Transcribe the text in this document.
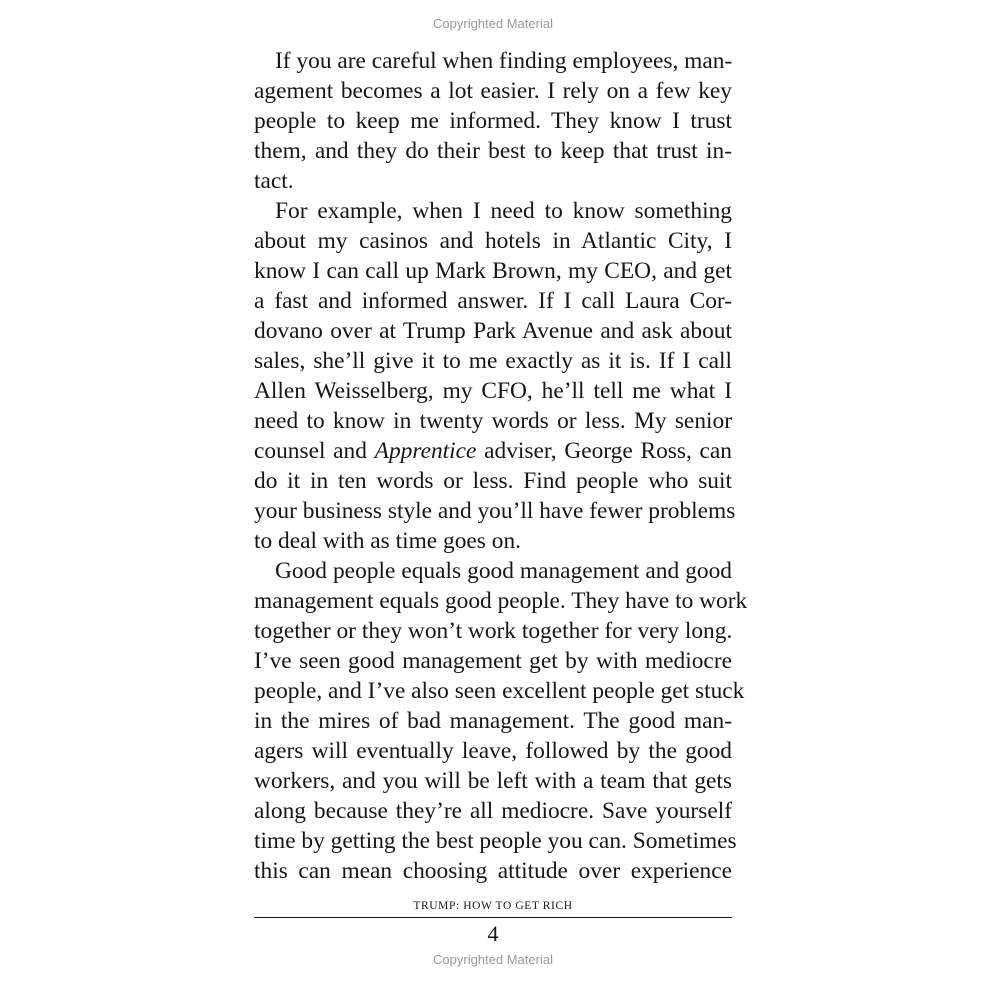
Copyrighted Material

If you are careful when finding employees, man-
agement becomes a lot easier. I rely on a few key
people to keep me informed. They know I trust
them, and they do their best to keep that trust in-
tact.

For example, when I need to know something
about my casinos and hotels in Atlantic City, I
know I can call up Mark Brown, my CEO, and get
a fast and informed answer. If I call Laura Cor-
dovano over at Trump Park Avenue and ask about
sales, she’ll give it to me exactly as it is. If I call
Allen Weisselberg, my CFO, he’ll tell me what I
need to know in twenty words or less. My senior
counsel and Apprentice adviser, George Ross, can
do it in ten words or less. Find people who suit
your business style and you’ll have fewer problems
to deal with as time goes on.

Good people equals good management and good
management equals good people. They have to work
together or they won’t work together for very long.
I’ve seen good management get by with mediocre
people, and I’ve also seen excellent people get stuck
in the mires of bad management. The good man-
agers will eventually leave, followed by the good
workers, and you will be left with a team that gets
along because they’re all mediocre. Save yourself
time by getting the best people you can. Sometimes
this can mean choosing attitude over experience

TRUMP: HOW TO GET RICH
4
Copyrighted Material
